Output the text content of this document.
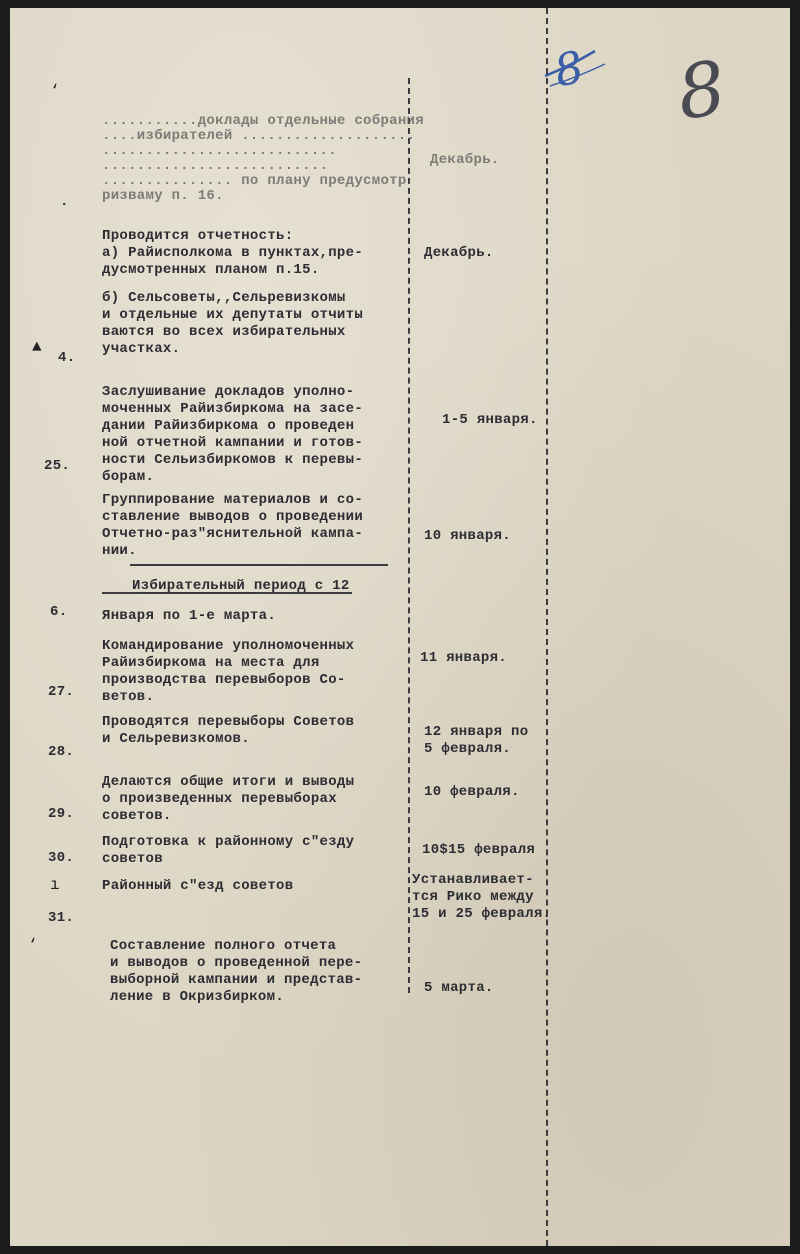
8
8
‘
▲
‘
ı

...........доклады отдельные собрания
....избирателей ....................
...........................
..........................
............... по плану предусмотр
ризваму п. 16.

Декабрь.

.

Проводится отчетность:
а) Райисполкома в пунктах,пре-
дусмотренных планом п.15.

Декабрь.

б) Сельсоветы,,Сельревизкомы
и отдельные их депутаты отчиты
ваются во всех избирательных
участках.

4.

Заслушивание докладов уполно-
моченных Райизбиркома на засе-
дании Райизбиркома о проведен
ной отчетной кампании и готов-
ности Сельизбиркомов к перевы-
борам.

1-5 января.

25.

Группирование материалов и со-
ставление выводов о проведении
Отчетно-раз"яснительной кампа-
нии.

10 января.

Избирательный период с 12

Января по 1-е марта.

6.

Командирование уполномоченных
Райизбиркома на места для
производства перевыборов Со-
ветов.

11 января.

27.

Проводятся перевыборы Советов
и Сельревизкомов.

	12 января по
5 февраля.

28.

Делаются общие итоги и выводы
о произведенных перевыборах
советов.

10 февраля.

29.

Подготовка к районному с"езду
советов

10$15 февраля

30.

Районный с"езд советов

	Устанавливает-
тся Рико между
15 и 25 февраля.

31.

Составление полного отчета
и выводов о проведенной пере-
выборной кампании и представ-
ление в Окризбирком.

5 марта.
